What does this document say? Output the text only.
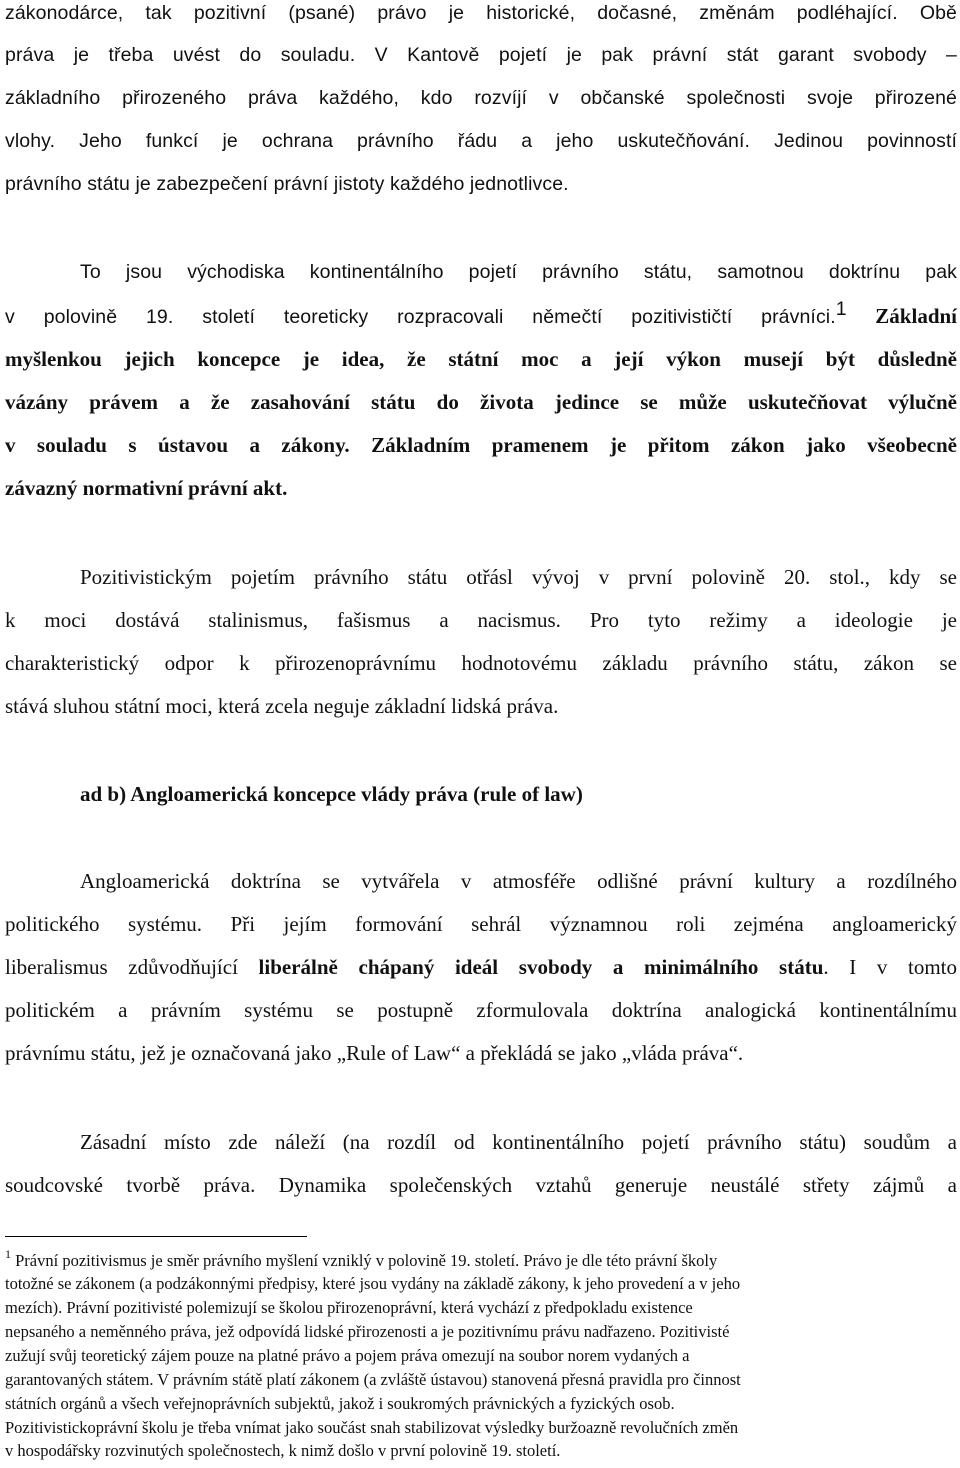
zákonodárce, tak pozitivní (psané) právo je historické, dočasné, změnám podléhající. Obě
práva je třeba uvést do souladu. V Kantově pojetí je pak právní stát garant svobody –
základního přirozeného práva každého, kdo rozvíjí v občanské společnosti svoje přirozené
vlohy. Jeho funkcí je ochrana právního řádu a jeho uskutečňování. Jedinou povinností
právního státu je zabezpečení právní jistoty každého jednotlivce.
To jsou východiska kontinentálního pojetí právního státu, samotnou doktrínu pak
v polovině 19. století teoreticky rozpracovali němečtí pozitivističtí právníci.$^1$ Základní
myšlenkou jejich koncepce je idea, že státní moc a její výkon musejí být důsledně
vázány právem a že zasahování státu do života jedince se může uskutečňovat výlučně
v souladu s ústavou a zákony. Základním pramenem je přitom zákon jako všeobecně
závazný normativní právní akt.
Pozitivistickým pojetím právního státu otřásl vývoj v první polovině 20. stol., kdy se
k moci dostává stalinismus, fašismus a nacismus. Pro tyto režimy a ideologie je
charakteristický odpor k přirozenoprávnímu hodnotovému základu právního státu, zákon se
stává sluhou státní moci, která zcela neguje základní lidská práva.
ad b) Angloamerická koncepce vlády práva (rule of law)
Angloamerická doktrína se vytvářela v atmosféře odlišné právní kultury a rozdílného
politického systému. Při jejím formování sehrál významnou roli zejména angloamerický
liberalismus zdůvodňující liberálně chápaný ideál svobody a minimálního státu. I v tomto
politickém a právním systému se postupně zformulovala doktrína analogická kontinentálnímu
právnímu státu, jež je označovaná jako „Rule of Law“ a překládá se jako „vláda práva“.
Zásadní místo zde náleží (na rozdíl od kontinentálního pojetí právního státu) soudům a
soudcovské tvorbě práva. Dynamika společenských vztahů generuje neustálé střety zájmů a
$^1$ Právní pozitivismus je směr právního myšlení vzniklý v polovině 19. století. Právo je dle této právní školy
totožné se zákonem (a podzákonnými předpisy, které jsou vydány na základě zákony, k jeho provedení a v jeho
mezích). Právní pozitivisté polemizují se školou přirozenoprávní, která vychází z předpokladu existence
nepsaného a neměnného práva, jež odpovídá lidské přirozenosti a je pozitivnímu právu nadřazeno. Pozitivisté
zužují svůj teoretický zájem pouze na platné právo a pojem práva omezují na soubor norem vydaných a
garantovaných státem. V právním státě platí zákonem (a zvláště ústavou) stanovená přesná pravidla pro činnost
státních orgánů a všech veřejnoprávních subjektů, jakož i soukromých právnických a fyzických osob.
Pozitivistickoprávní školu je třeba vnímat jako součást snah stabilizovat výsledky buržoazně revolučních změn
v hospodářsky rozvinutých společnostech, k nimž došlo v první polovině 19. století.
